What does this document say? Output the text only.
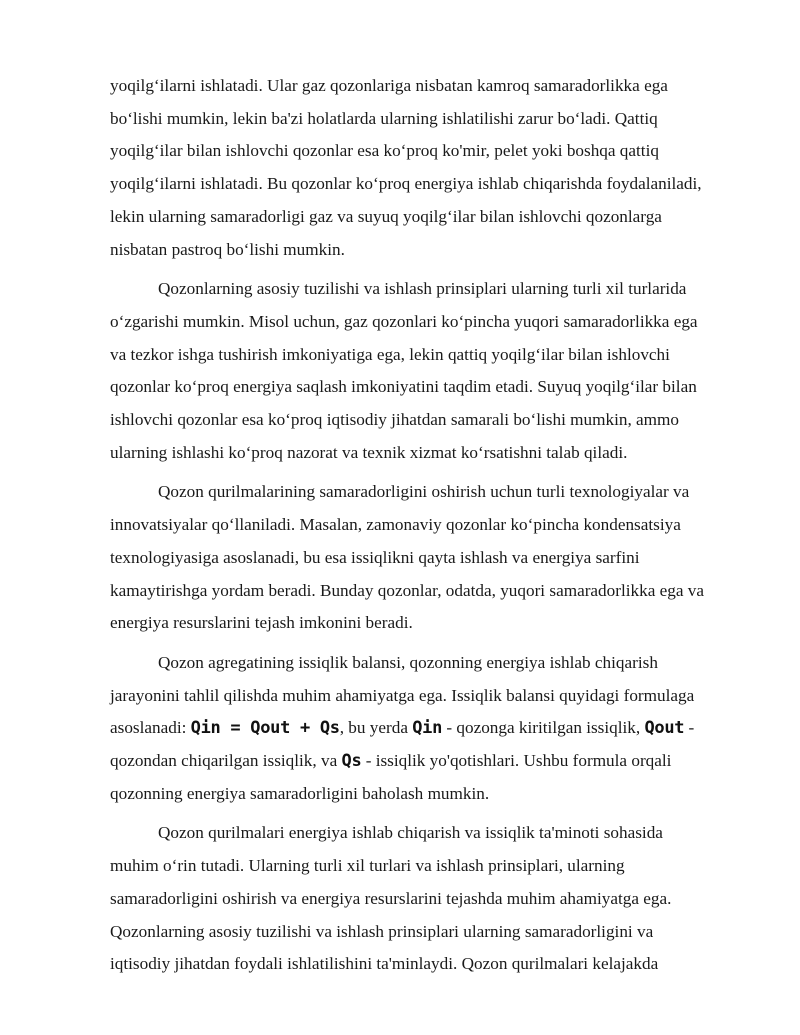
yoqilg‘ilarni ishlatadi. Ular gaz qozonlariga nisbatan kamroq samaradorlikka ega bo‘lishi mumkin, lekin ba'zi holatlarda ularning ishlatilishi zarur bo‘ladi. Qattiq yoqilg‘ilar bilan ishlovchi qozonlar esa ko‘proq ko'mir, pelet yoki boshqa qattiq yoqilg‘ilarni ishlatadi. Bu qozonlar ko‘proq energiya ishlab chiqarishda foydalaniladi, lekin ularning samaradorligi gaz va suyuq yoqilg‘ilar bilan ishlovchi qozonlarga nisbatan pastroq bo‘lishi mumkin.

Qozonlarning asosiy tuzilishi va ishlash prinsiplari ularning turli xil turlarida o‘zgarishi mumkin. Misol uchun, gaz qozonlari ko‘pincha yuqori samaradorlikka ega va tezkor ishga tushirish imkoniyatiga ega, lekin qattiq yoqilg‘ilar bilan ishlovchi qozonlar ko‘proq energiya saqlash imkoniyatini taqdim etadi. Suyuq yoqilg‘ilar bilan ishlovchi qozonlar esa ko‘proq iqtisodiy jihatdan samarali bo‘lishi mumkin, ammo ularning ishlashi ko‘proq nazorat va texnik xizmat ko‘rsatishni talab qiladi.

Qozon qurilmalarining samaradorligini oshirish uchun turli texnologiyalar va innovatsiyalar qo‘llaniladi. Masalan, zamonaviy qozonlar ko‘pincha kondensatsiya texnologiyasiga asoslanadi, bu esa issiqlikni qayta ishlash va energiya sarfini kamaytirishga yordam beradi. Bunday qozonlar, odatda, yuqori samaradorlikka ega va energiya resurslarini tejash imkonini beradi.

Qozon agregatining issiqlik balansi, qozonning energiya ishlab chiqarish jarayonini tahlil qilishda muhim ahamiyatga ega. Issiqlik balansi quyidagi formulaga asoslanadi: Qin = Qout + Qs, bu yerda Qin - qozonga kiritilgan issiqlik, Qout - qozondan chiqarilgan issiqlik, va Qs - issiqlik yo'qotishlari. Ushbu formula orqali qozonning energiya samaradorligini baholash mumkin.

Qozon qurilmalari energiya ishlab chiqarish va issiqlik ta'minoti sohasida muhim o‘rin tutadi. Ularning turli xil turlari va ishlash prinsiplari, ularning samaradorligini oshirish va energiya resurslarini tejashda muhim ahamiyatga ega. Qozonlarning asosiy tuzilishi va ishlash prinsiplari ularning samaradorligini va iqtisodiy jihatdan foydali ishlatilishini ta'minlaydi. Qozon qurilmalari kelajakda
